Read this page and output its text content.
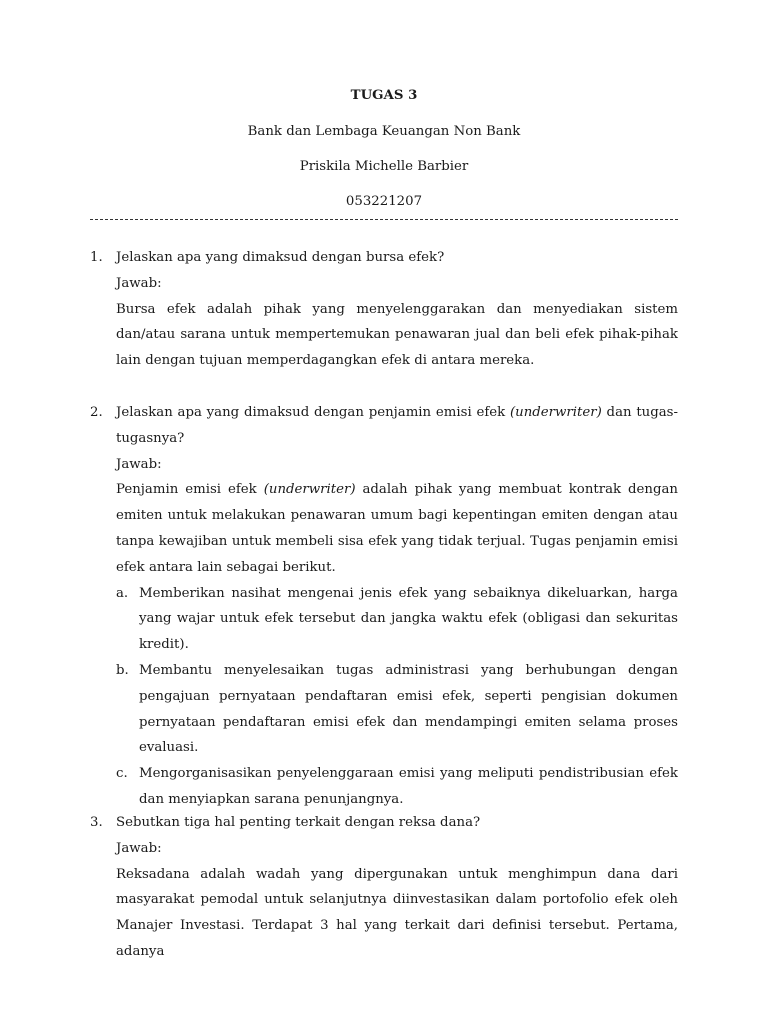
TUGAS 3
Bank dan Lembaga Keuangan Non Bank
Priskila Michelle Barbier
053221207
1.	Jelaskan apa yang dimaksud dengan bursa efek?

Jawab:

Bursa efek adalah pihak yang menyelenggarakan dan menyediakan sistem dan/atau sarana untuk mempertemukan penawaran jual dan beli efek pihak-pihak lain dengan tujuan memperdagangkan efek di antara mereka.

2.	Jelaskan apa yang dimaksud dengan penjamin emisi efek (underwriter) dan tugas-tugasnya?

Jawab:

Penjamin emisi efek (underwriter) adalah pihak yang membuat kontrak dengan emiten untuk melakukan penawaran umum bagi kepentingan emiten dengan atau tanpa kewajiban untuk membeli sisa efek yang tidak terjual. Tugas penjamin emisi efek antara lain sebagai berikut.

a. Memberikan nasihat mengenai jenis efek yang sebaiknya dikeluarkan, harga yang wajar untuk efek tersebut dan jangka waktu efek (obligasi dan sekuritas kredit).
b. Membantu menyelesaikan tugas administrasi yang berhubungan dengan pengajuan pernyataan pendaftaran emisi efek, seperti pengisian dokumen pernyataan pendaftaran emisi efek dan mendampingi emiten selama proses evaluasi.
c. Mengorganisasikan penyelenggaraan emisi yang meliputi pendistribusian efek dan menyiapkan sarana penunjangnya.
3.	Sebutkan tiga hal penting terkait dengan reksa dana?

Jawab:

Reksadana adalah wadah yang dipergunakan untuk menghimpun dana dari masyarakat pemodal untuk selanjutnya diinvestasikan dalam portofolio efek oleh Manajer Investasi. Terdapat 3 hal yang terkait dari definisi tersebut. Pertama, adanya
